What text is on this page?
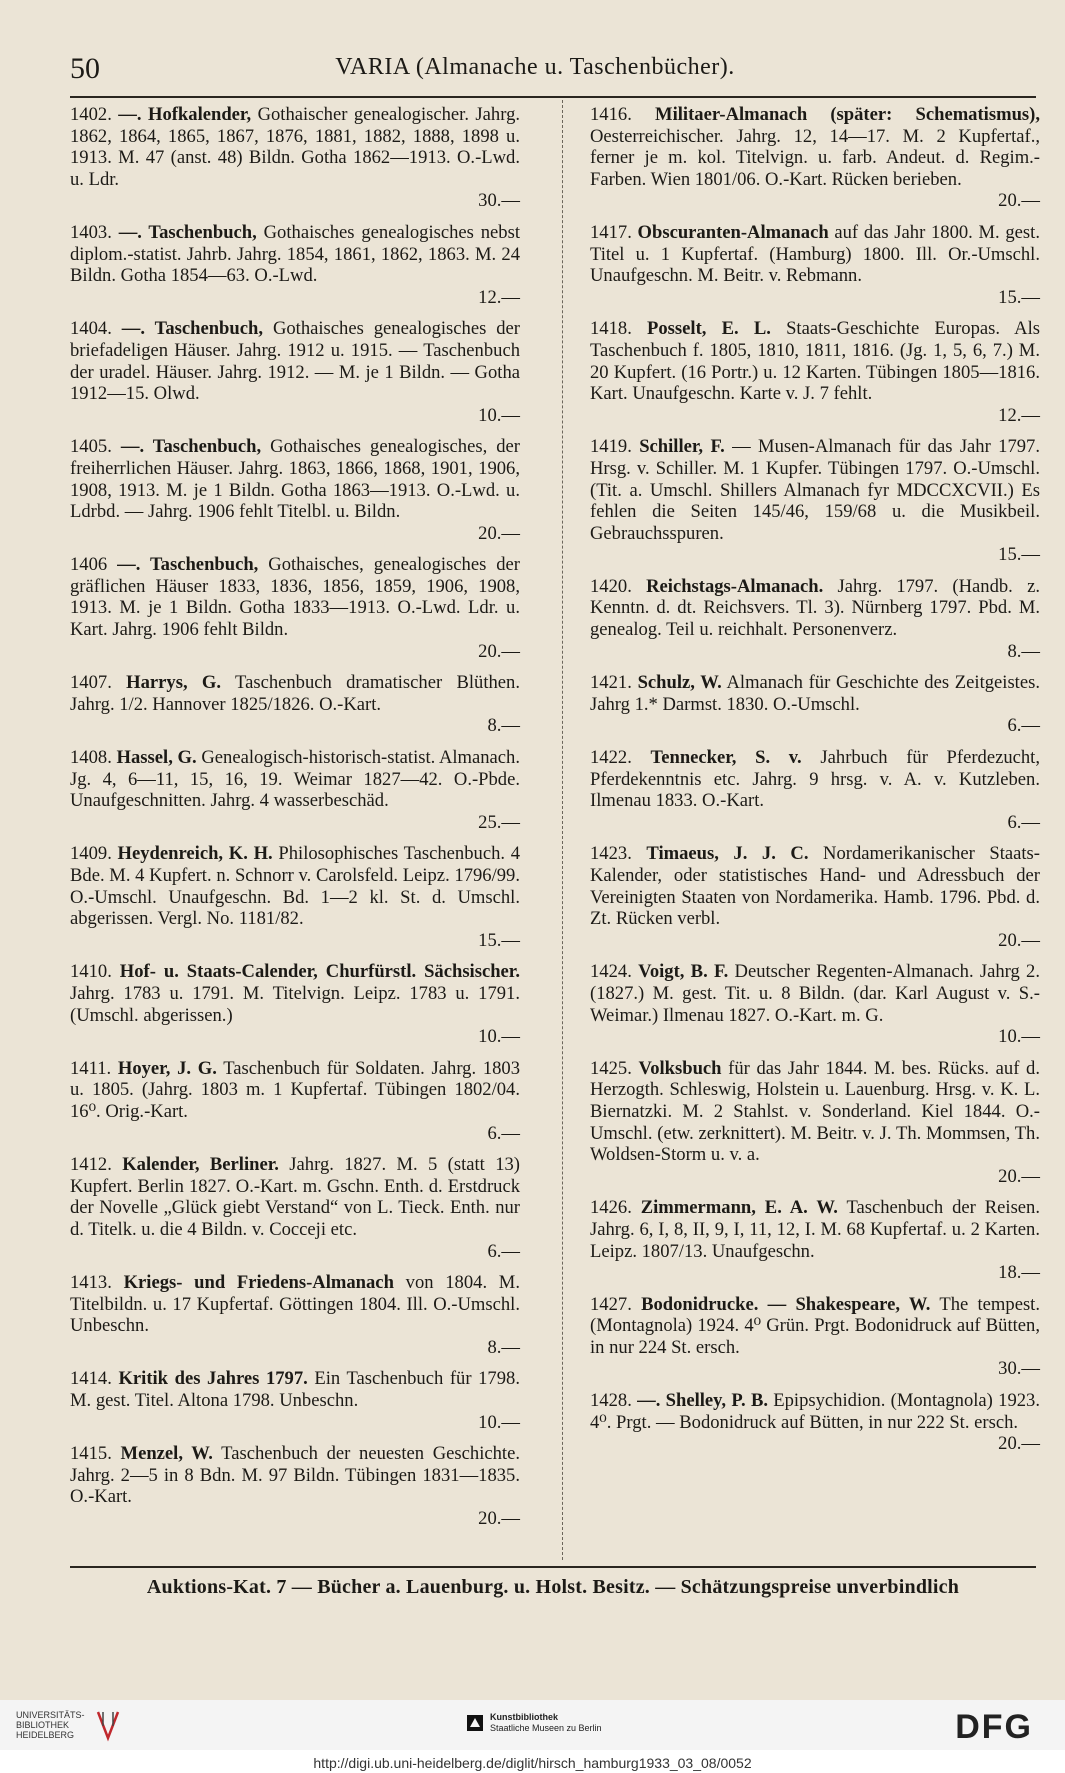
50	VARIA (Almanache u. Taschenbücher).

1402. —. Hofkalender, Gothaischer genealogischer. Jahrg. 1862, 1864, 1865, 1867, 1876, 1881, 1882, 1888, 1898 u. 1913. M. 47 (anst. 48) Bildn. Gotha 1862—1913. O.-Lwd. u. Ldr.
30.—

1403. —. Taschenbuch, Gothaisches genealogisches nebst diplom.-statist. Jahrb. Jahrg. 1854, 1861, 1862, 1863. M. 24 Bildn. Gotha 1854—63. O.-Lwd.
12.—

1404. —. Taschenbuch, Gothaisches genealogisches der briefadeligen Häuser. Jahrg. 1912 u. 1915. — Taschenbuch der uradel. Häuser. Jahrg. 1912. — M. je 1 Bildn. — Gotha 1912—15. Olwd.
10.—

1405. —. Taschenbuch, Gothaisches genealogisches, der freiherrlichen Häuser. Jahrg. 1863, 1866, 1868, 1901, 1906, 1908, 1913. M. je 1 Bildn. Gotha 1863—1913. O.-Lwd. u. Ldrbd. — Jahrg. 1906 fehlt Titelbl. u. Bildn.
20.—

1406 —. Taschenbuch, Gothaisches, genealogisches der gräflichen Häuser 1833, 1836, 1856, 1859, 1906, 1908, 1913. M. je 1 Bildn. Gotha 1833—1913. O.-Lwd. Ldr. u. Kart. Jahrg. 1906 fehlt Bildn.
20.—

1407. Harrys, G. Taschenbuch dramatischer Blüthen. Jahrg. 1/2. Hannover 1825/1826. O.-Kart.
8.—

1408. Hassel, G. Genealogisch-historisch-statist. Almanach. Jg. 4, 6—11, 15, 16, 19. Weimar 1827—42. O.-Pbde. Unaufgeschnitten. Jahrg. 4 wasserbeschäd.
25.—

1409. Heydenreich, K. H. Philosophisches Taschenbuch. 4 Bde. M. 4 Kupfert. n. Schnorr v. Carolsfeld. Leipz. 1796/99. O.-Umschl. Unaufgeschn. Bd. 1—2 kl. St. d. Umschl. abgerissen. Vergl. No. 1181/82.
15.—

1410. Hof- u. Staats-Calender, Churfürstl. Sächsischer. Jahrg. 1783 u. 1791. M. Titelvign. Leipz. 1783 u. 1791. (Umschl. abgerissen.)
10.—

1411. Hoyer, J. G. Taschenbuch für Soldaten. Jahrg. 1803 u. 1805. (Jahrg. 1803 m. 1 Kupfertaf. Tübingen 1802/04. 16⁰. Orig.-Kart.
6.—

1412. Kalender, Berliner. Jahrg. 1827. M. 5 (statt 13) Kupfert. Berlin 1827. O.-Kart. m. Gschn. Enth. d. Erstdruck der Novelle „Glück giebt Verstand“ von L. Tieck. Enth. nur d. Titelk. u. die 4 Bildn. v. Cocceji etc.
6.—

1413. Kriegs- und Friedens-Almanach von 1804. M. Titelbildn. u. 17 Kupfertaf. Göttingen 1804. Ill. O.-Umschl. Unbeschn.
8.—

1414. Kritik des Jahres 1797. Ein Taschenbuch für 1798. M. gest. Titel. Altona 1798. Unbeschn.
10.—

1415. Menzel, W. Taschenbuch der neuesten Geschichte. Jahrg. 2—5 in 8 Bdn. M. 97 Bildn. Tübingen 1831—1835. O.-Kart.
20.—

1416. Militaer-Almanach (später: Schematismus), Oesterreichischer. Jahrg. 12, 14—17. M. 2 Kupfertaf., ferner je m. kol. Titelvign. u. farb. Andeut. d. Regim.-Farben. Wien 1801/06. O.-Kart. Rücken berieben.
20.—

1417. Obscuranten-Almanach auf das Jahr 1800. M. gest. Titel u. 1 Kupfertaf. (Hamburg) 1800. Ill. Or.-Umschl. Unaufgeschn. M. Beitr. v. Rebmann.
15.—

1418. Posselt, E. L. Staats-Geschichte Europas. Als Taschenbuch f. 1805, 1810, 1811, 1816. (Jg. 1, 5, 6, 7.) M. 20 Kupfert. (16 Portr.) u. 12 Karten. Tübingen 1805—1816. Kart. Unaufgeschn. Karte v. J. 7 fehlt.
12.—

1419. Schiller, F. — Musen-Almanach für das Jahr 1797. Hrsg. v. Schiller. M. 1 Kupfer. Tübingen 1797. O.-Umschl. (Tit. a. Umschl. Shillers Almanach fyr MDCCXCVII.) Es fehlen die Seiten 145/46, 159/68 u. die Musikbeil. Gebrauchsspuren.
15.—

1420. Reichstags-Almanach. Jahrg. 1797. (Handb. z. Kenntn. d. dt. Reichsvers. Tl. 3). Nürnberg 1797. Pbd. M. genealog. Teil u. reichhalt. Personenverz.
8.—

1421. Schulz, W. Almanach für Geschichte des Zeitgeistes. Jahrg 1.* Darmst. 1830. O.-Umschl.
6.—

1422. Tennecker, S. v. Jahrbuch für Pferdezucht, Pferdekenntnis etc. Jahrg. 9 hrsg. v. A. v. Kutzleben. Ilmenau 1833. O.-Kart.
6.—

1423. Timaeus, J. J. C. Nordamerikanischer Staats-Kalender, oder statistisches Hand- und Adressbuch der Vereinigten Staaten von Nordamerika. Hamb. 1796. Pbd. d. Zt. Rücken verbl.
20.—

1424. Voigt, B. F. Deutscher Regenten-Almanach. Jahrg 2. (1827.) M. gest. Tit. u. 8 Bildn. (dar. Karl August v. S.-Weimar.) Ilmenau 1827. O.-Kart. m. G.
10.—

1425. Volksbuch für das Jahr 1844. M. bes. Rücks. auf d. Herzogth. Schleswig, Holstein u. Lauenburg. Hrsg. v. K. L. Biernatzki. M. 2 Stahlst. v. Sonderland. Kiel 1844. O.-Umschl. (etw. zerknittert). M. Beitr. v. J. Th. Mommsen, Th. Woldsen-Storm u. v. a.
20.—

1426. Zimmermann, E. A. W. Taschenbuch der Reisen. Jahrg. 6, I, 8, II, 9, I, 11, 12, I. M. 68 Kupfertaf. u. 2 Karten. Leipz. 1807/13. Unaufgeschn.
18.—

1427. Bodonidrucke. — Shakespeare, W. The tempest. (Montagnola) 1924. 4⁰ Grün. Prgt. Bodonidruck auf Bütten, in nur 224 St. ersch.
30.—

1428. —. Shelley, P. B. Epipsychidion. (Montagnola) 1923. 4⁰. Prgt. — Bodonidruck auf Bütten, in nur 222 St. ersch.
20.—

Auktions-Kat. 7 — Bücher a. Lauenburg. u. Holst. Besitz. — Schätzungspreise unverbindlich
UNIVERSITÄTS-
BIBLIOTHEK
HEIDELBERG
Kunstbibliothek
Staatliche Museen zu Berlin	DFG
http://digi.ub.uni-heidelberg.de/diglit/hirsch_hamburg1933_03_08/0052
